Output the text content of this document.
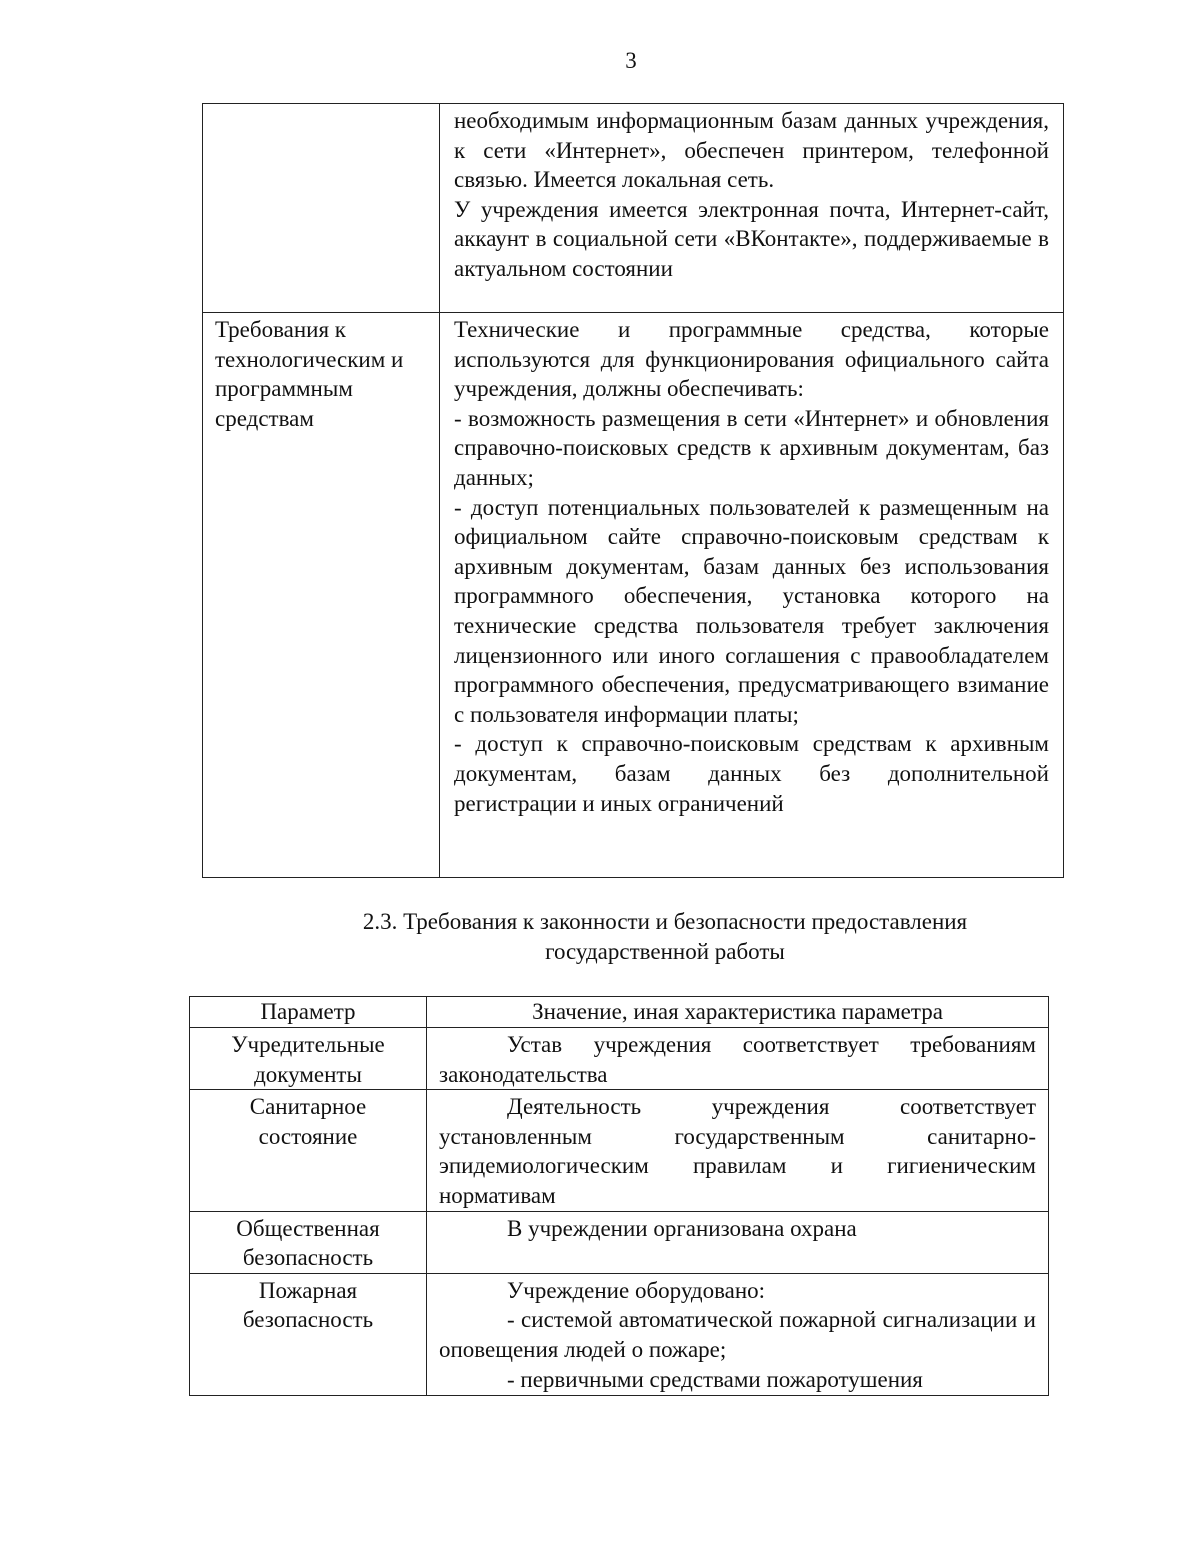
3

	необходимым информационным базам данных учреждения, к сети «Интернет», обеспечен принтером, телефонной связью. Имеется локальная сеть.
У учреждения имеется электронная почта, Интернет-сайт, аккаунт в социальной сети «ВКонтакте», поддерживаемые в актуальном состоянии

Требования к технологическим и программным средствам	Технические и программные средства, которые используются для функционирования официального сайта учреждения, должны обеспечивать:
- возможность размещения в сети «Интернет» и обновления справочно-поисковых средств к архивным документам, баз данных;
- доступ потенциальных пользователей к размещенным на официальном сайте справочно-поисковым средствам к архивным документам, базам данных без использования программного обеспечения, установка которого на технические средства пользователя требует заключения лицензионного или иного соглашения с правообладателем программного обеспечения, предусматривающего взимание с пользователя информации платы;
- доступ к справочно-поисковым средствам к архивным документам, базам данных без дополнительной регистрации и иных ограничений
2.3. Требования к законности и безопасности предоставления
государственной работы
Параметр	Значение, иная характеристика параметра
Учредительные документы	Устав учреждения соответствует требованиям законодательства

Санитарное состояние	Деятельность учреждения соответствует установленным государственным санитарно-эпидемиологическим правилам и гигиеническим нормативам

Общественная безопасность	В учреждении организована охрана

Пожарная безопасность	Учреждение оборудовано:
- системой автоматической пожарной сигнализации и оповещения людей о пожаре;
- первичными средствами пожаротушения
